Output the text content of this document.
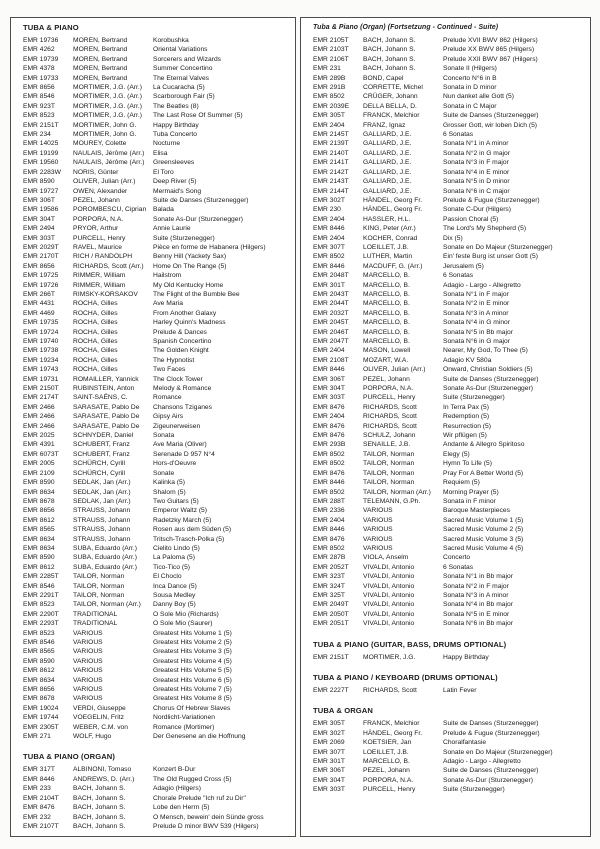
TUBA & PIANO
EMR 19736	MOREN, Bertrand	Korobushka
EMR 4262	MOREN, Bertrand	Oriental Variations
EMR 19739	MOREN, Bertrand	Sorcerers and Wizards
EMR 4378	MOREN, Bertrand	Summer Concertino
EMR 19733	MOREN, Bertrand	The Eternal Valves
EMR 8656	MORTIMER, J.G. (Arr.)	La Cucaracha (5)
EMR 8546	MORTIMER, J.G. (Arr.)	Scarborough Fair (5)
EMR 923T	MORTIMER, J.G. (Arr.)	The Beatles (8)
EMR 8523	MORTIMER, J.G. (Arr.)	The Last Rose Of Summer (5)
EMR 2151T	MORTIMER, John G.	Happy Birthday
EMR 234	MORTIMER, John G.	Tuba Concerto
EMR 14025	MOUREY, Colette	Nocturne
EMR 19199	NAULAIS, Jérôme (Arr.)	Elisa
EMR 19560	NAULAIS, Jérôme (Arr.)	Greensleeves
EMR 2283W	NORIS, Günter	El Toro
EMR 8590	OLIVER, Julian (Arr.)	Deep River (5)
EMR 19727	OWEN, Alexander	Mermaid's Song
EMR 306T	PEZEL, Johann	Suite de Danses (Sturzenegger)
EMR 19586	POROMBESCU, Ciprian	Balada
EMR 304T	PORPORA, N.A.	Sonate As-Dur (Sturzenegger)
EMR 2494	PRYOR, Arthur	Annie Laurie
EMR 303T	PURCELL, Henry	Suite (Sturzenegger)
EMR 2029T	RAVEL, Maurice	Pièce en forme de Habanera (Hilgers)
EMR 2170T	RICH / RANDOLPH	Benny Hill (Yackety Sax)
EMR 8656	RICHARDS, Scott (Arr.)	Home On The Range (5)
EMR 19725	RIMMER, William	Hailstrom
EMR 19726	RIMMER, William	My Old Kentucky Home
EMR 266T	RIMSKY-KORSAKOV	The Flight of the Bumble Bee
EMR 4431	ROCHA, Gilles	Ave Maria
EMR 4469	ROCHA, Gilles	From Another Galaxy
EMR 19735	ROCHA, Gilles	Harley Quinn's Madness
EMR 19724	ROCHA, Gilles	Prelude & Dances
EMR 19740	ROCHA, Gilles	Spanish Concertino
EMR 19738	ROCHA, Gilles	The Golden Knight
EMR 19234	ROCHA, Gilles	The Hypnotist
EMR 19743	ROCHA, Gilles	Two Faces
EMR 19731	ROMAILLER, Yannick	The Clock Tower
EMR 2150T	RUBINSTEIN, Anton	Melody & Romance
EMR 2174T	SAINT-SAËNS, C.	Romance
EMR 2466	SARASATE, Pablo De	Chansons Tziganes
EMR 2466	SARASATE, Pablo De	Gipsy Airs
EMR 2466	SARASATE, Pablo De	Zigeunerweisen
EMR 2025	SCHNYDER, Daniel	Sonata
EMR 4391	SCHUBERT, Franz	Ave Maria (Oliver)
EMR 6073T	SCHUBERT, Franz	Serenade D 957 N°4
EMR 2005	SCHÜRCH, Cyrill	Hors-d'Oeuvre
EMR 2109	SCHÜRCH, Cyrill	Sonate
EMR 8590	SEDLAK, Jan (Arr.)	Kalinka (5)
EMR 8634	SEDLAK, Jan (Arr.)	Shalom (5)
EMR 8678	SEDLAK, Jan (Arr.)	Two Guitars (5)
EMR 8656	STRAUSS, Johann	Emperor Waltz (5)
EMR 8612	STRAUSS, Johann	Radetzky March (5)
EMR 8565	STRAUSS, Johann	Rosen aus dem Süden (5)
EMR 8634	STRAUSS, Johann	Tritsch-Trasch-Polka (5)
EMR 8634	SUBA, Eduardo (Arr.)	Cielito Lindo (5)
EMR 8590	SUBA, Eduardo (Arr.)	La Paloma (5)
EMR 8612	SUBA, Eduardo (Arr.)	Tico-Tico (5)
EMR 2285T	TAILOR, Norman	El Choclo
EMR 8546	TAILOR, Norman	Inca Dance (5)
EMR 2291T	TAILOR, Norman	Sousa Medley
EMR 8523	TAILOR, Norman (Arr.)	Danny Boy (5)
EMR 2290T	TRADITIONAL	O Sole Mio (Richards)
EMR 2293T	TRADITIONAL	O Sole Mio (Saurer)
EMR 8523	VARIOUS	Greatest Hits Volume 1 (5)
EMR 8546	VARIOUS	Greatest Hits Volume 2 (5)
EMR 8565	VARIOUS	Greatest Hits Volume 3 (5)
EMR 8590	VARIOUS	Greatest Hits Volume 4 (5)
EMR 8612	VARIOUS	Greatest Hits Volume 5 (5)
EMR 8634	VARIOUS	Greatest Hits Volume 6 (5)
EMR 8656	VARIOUS	Greatest Hits Volume 7 (5)
EMR 8678	VARIOUS	Greatest Hits Volume 8 (5)
EMR 19024	VERDI, Giuseppe	Chorus Of Hebrew Slaves
EMR 19744	VOEGELIN, Fritz	Nordlicht-Variationen
EMR 2305T	WEBER, C.M. von	Romance (Mortimer)
EMR 271	WOLF, Hugo	Der Genesene an die Hoffnung
TUBA & PIANO (ORGAN)
EMR 317T	ALBINONI, Tomaso	Konzert B-Dur
EMR 8446	ANDREWS, D. (Arr.)	The Old Rugged Cross (5)
EMR 233	BACH, Johann S.	Adagio (Hilgers)
EMR 2104T	BACH, Johann S.	Chorale Prelude "Ich ruf zu Dir"
EMR 8476	BACH, Johann S.	Lobe den Herrn (5)
EMR 232	BACH, Johann S.	O Mensch, bewein' dein Sünde gross
EMR 2107T	BACH, Johann S.	Prelude D minor BWV 539 (Hilgers)
Tuba & Piano (Organ) (Fortsetzung - Continued - Suite)
EMR 2105T	BACH, Johann S.	Prelude XVII BWV 862 (Hilgers)
EMR 2103T	BACH, Johann S.	Prelude XX BWV 865 (Hilgers)
EMR 2106T	BACH, Johann S.	Prelude XXII BWV 867 (Hilgers)
EMR 231	BACH, Johann S.	Sonate II (Hilgers)
EMR 289B	BOND, Capel	Concerto N°6 in B
EMR 291B	CORRETTE, Michel	Sonata in D minor
EMR 8502	CRÜGER, Johann	Nun danket alle Gott (5)
EMR 2039E	DELLA BELLA, D.	Sonata in C Major
EMR 305T	FRANCK, Melchior	Suite de Danses (Sturzenegger)
EMR 2404	FRANZ, Ignaz	Grosser Gott, wir loben Dich (5)
EMR 2145T	GALLIARD, J.E.	6 Sonatas
EMR 2139T	GALLIARD, J.E.	Sonata N°1 in A minor
EMR 2140T	GALLIARD, J.E.	Sonata N°2 in G major
EMR 2141T	GALLIARD, J.E.	Sonata N°3 in F major
EMR 2142T	GALLIARD, J.E.	Sonata N°4 in E minor
EMR 2143T	GALLIARD, J.E.	Sonata N°5 in D minor
EMR 2144T	GALLIARD, J.E.	Sonata N°6 in C major
EMR 302T	HÄNDEL, Georg Fr.	Prelude & Fugue (Sturzenegger)
EMR 230	HÄNDEL, Georg Fr.	Sonate C-Dur (Hilgers)
EMR 2404	HASSLER, H.L.	Passion Choral (5)
EMR 8446	KING, Peter (Arr.)	The Lord's My Shepherd (5)
EMR 2404	KOCHER, Conrad	Dix (5)
EMR 307T	LOEILLET, J.B.	Sonate en Do Majeur (Sturzenegger)
EMR 8502	LUTHER, Martin	Ein' feste Burg ist unser Gott (5)
EMR 8446	MACDUFF, G. (Arr.)	Jerusalem (5)
EMR 2048T	MARCELLO, B.	6 Sonatas
EMR 301T	MARCELLO, B.	Adagio - Largo - Allegretto
EMR 2043T	MARCELLO, B.	Sonata N°1 in F major
EMR 2044T	MARCELLO, B.	Sonata N°2 in E minor
EMR 2032T	MARCELLO, B.	Sonata N°3 in A minor
EMR 2045T	MARCELLO, B.	Sonata N°4 in G minor
EMR 2046T	MARCELLO, B.	Sonata N°5 in Bb major
EMR 2047T	MARCELLO, B.	Sonata N°6 in G major
EMR 2404	MASON, Lowell	Nearer, My God, To Thee (5)
EMR 2108T	MOZART, W.A.	Adagio KV 580a
EMR 8446	OLIVER, Julian (Arr.)	Onward, Christian Soldiers (5)
EMR 306T	PEZEL, Johann	Suite de Danses (Sturzenegger)
EMR 304T	PORPORA, N.A.	Sonate As-Dur (Sturzenegger)
EMR 303T	PURCELL, Henry	Suite (Sturzenegger)
EMR 8476	RICHARDS, Scott	In Terra Pax (5)
EMR 2404	RICHARDS, Scott	Redemption (5)
EMR 8476	RICHARDS, Scott	Resurrection (5)
EMR 8476	SCHULZ, Johann	Wir pflügen (5)
EMR 293B	SENAILLE, J.B.	Andante & Allegro Spiritoso
EMR 8502	TAILOR, Norman	Elegy (5)
EMR 8502	TAILOR, Norman	Hymn To Life (5)
EMR 8476	TAILOR, Norman	Pray For A Better World (5)
EMR 8446	TAILOR, Norman	Requiem (5)
EMR 8502	TAILOR, Norman (Arr.)	Morning Prayer (5)
EMR 288T	TELEMANN, G.Ph.	Sonata in F minor
EMR 2336	VARIOUS	Baroque Masterpieces
EMR 2404	VARIOUS	Sacred Music Volume 1 (5)
EMR 8446	VARIOUS	Sacred Music Volume 2 (5)
EMR 8476	VARIOUS	Sacred Music Volume 3 (5)
EMR 8502	VARIOUS	Sacred Music Volume 4 (5)
EMR 287B	VIOLA, Anselm	Concerto
EMR 2052T	VIVALDI, Antonio	6 Sonatas
EMR 323T	VIVALDI, Antonio	Sonata N°1 in Bb major
EMR 324T	VIVALDI, Antonio	Sonata N°2 in F major
EMR 325T	VIVALDI, Antonio	Sonata N°3 in A minor
EMR 2049T	VIVALDI, Antonio	Sonata N°4 in Bb major
EMR 2050T	VIVALDI, Antonio	Sonata N°5 in E minor
EMR 2051T	VIVALDI, Antonio	Sonata N°6 in Bb major
TUBA & PIANO (GUITAR, BASS, DRUMS OPTIONAL)
EMR 2151T	MORTIMER, J.G.	Happy Birthday
TUBA & PIANO / KEYBOARD (DRUMS OPTIONAL)
EMR 2227T	RICHARDS, Scott	Latin Fever
TUBA & ORGAN
EMR 305T	FRANCK, Melchior	Suite de Danses (Sturzenegger)
EMR 302T	HÄNDEL, Georg Fr.	Prelude & Fugue (Sturzenegger)
EMR 2069	KOETSIER, Jan	Choralfantasie
EMR 307T	LOEILLET, J.B.	Sonate en Do Majeur (Sturzenegger)
EMR 301T	MARCELLO, B.	Adagio - Largo - Allegretto
EMR 306T	PEZEL, Johann	Suite de Danses (Sturzenegger)
EMR 304T	PORPORA, N.A.	Sonate As-Dur (Sturzenegger)
EMR 303T	PURCELL, Henry	Suite (Sturzenegger)
